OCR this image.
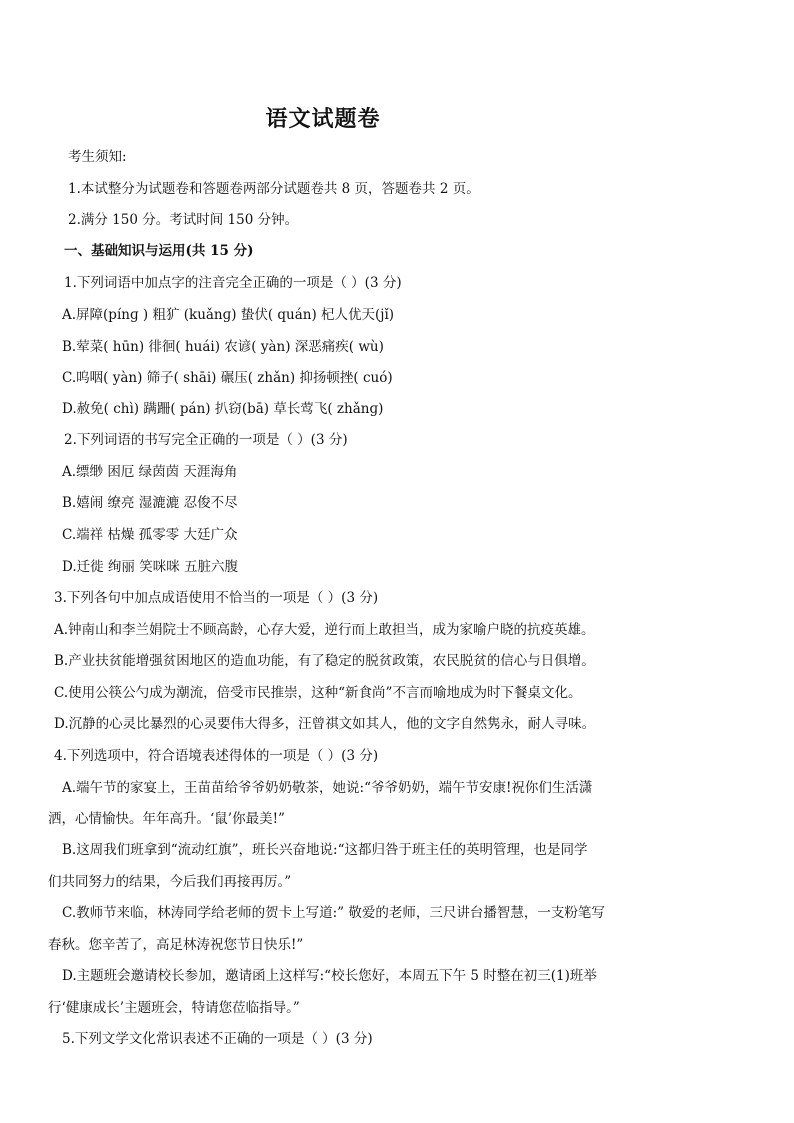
语文试题卷
考生须知:
1.本试整分为试题卷和答题卷两部分试题卷共 8 页，答题卷共 2 页。
2.满分 150 分。考试时间 150 分钟。
一、基础知识与运用(共 15 分)
1.下列词语中加点字的注音完全正确的一项是（ ）(3 分)
A.屏障(pínɡ ) 粗犷 (kuǎnɡ) 蛰伏( quán) 杞人优天(jǐ)
B.荤菜( hūn) 徘徊( huái) 农谚( yàn) 深恶痛疾( wù)
C.呜咽( yàn) 筛子( shāi) 碾压( zhǎn) 抑扬顿挫( cuó)
D.赦免( chì) 蹒跚( pán) 扒窃(bā) 草长莺飞( zhǎnɡ)
2.下列词语的书写完全正确的一项是（ ）(3 分)
A.缥缈 困厄 绿茵茵 天涯海角
B.嬉闹 缭亮 湿漉漉 忍俊不尽
C.端祥 枯燥 孤零零 大廷广众
D.迁徙 绚丽 笑咪咪 五脏六腹
3.下列各句中加点成语使用不恰当的一项是（ ）(3 分)
A.钟南山和李兰娟院士不顾高龄，心存大爱，逆行而上敢担当，成为家喻户晓的抗疫英雄。
B.产业扶贫能增强贫困地区的造血功能，有了稳定的脱贫政策，农民脱贫的信心与日俱增。
C.使用公筷公勺成为潮流，倍受市民推崇，这种“新食尚”不言而喻地成为时下餐桌文化。
D.沉静的心灵比暴烈的心灵要伟大得多，汪曾祺文如其人，他的文字自然隽永，耐人寻味。
4.下列选项中，符合语境表述得体的一项是（ ）(3 分)
A.端午节的家宴上，王苗苗给爷爷奶奶敬茶，她说:“爷爷奶奶，端午节安康!祝你们生活潇
洒，心情愉快。年年高升。‘鼠’你最美!”
B.这周我们班拿到“流动红旗”，班长兴奋地说:“这都归咎于班主任的英明管理，也是同学
们共同努力的结果，今后我们再接再厉。”
C.教师节来临，林涛同学给老师的贺卡上写道:” 敬爱的老师，三尺讲台播智慧，一支粉笔写
春秋。您辛苦了，高足林涛祝您节日快乐!”
D.主题班会邀请校长参加，邀请函上这样写:“校长您好，本周五下午 5 时整在初三(1)班举
行‘健康成长’主题班会，特请您莅临指导。”
5.下列文学文化常识表述不正确的一项是（ ）(3 分)
